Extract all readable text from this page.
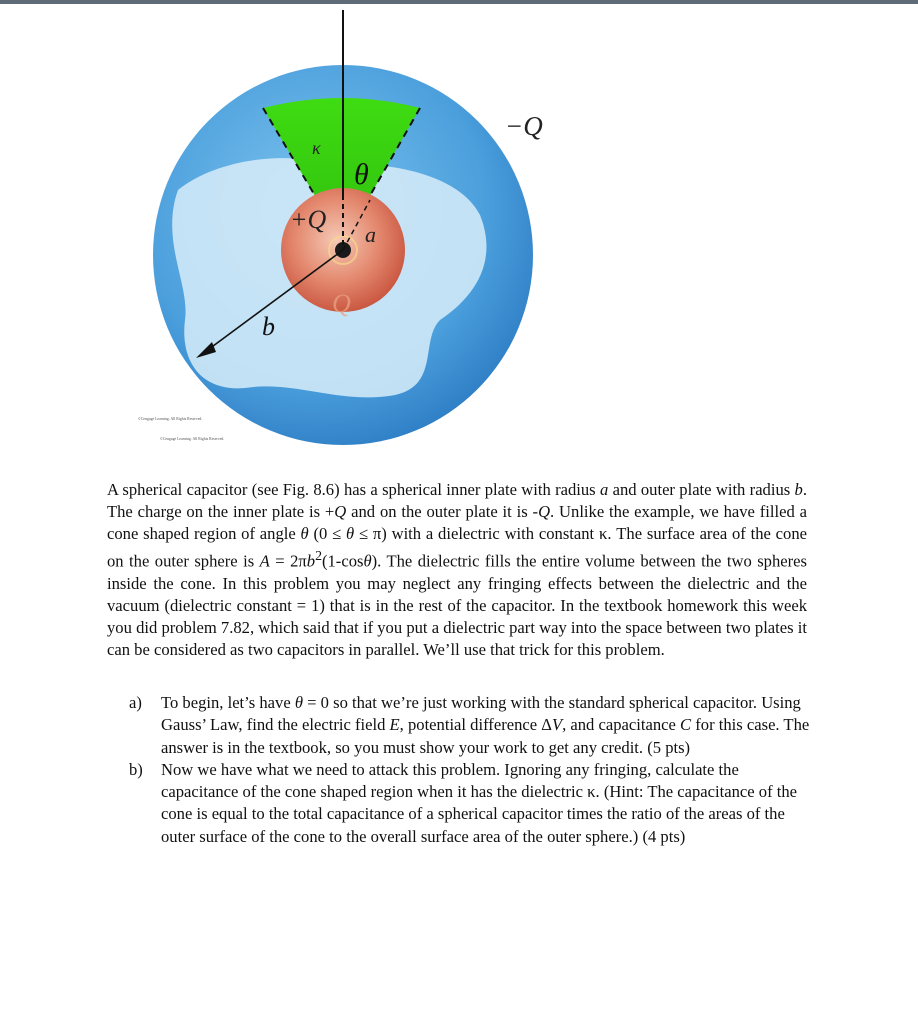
−Q
κ
θ
+Q
a
Q
b
©Cengage Learning. All Rights Reserved.
©Cengage Learning. All Rights Reserved.

A spherical capacitor (see Fig. 8.6) has a spherical inner plate with radius a and outer plate with radius b. The charge on the inner plate is +Q and on the outer plate it is -Q. Unlike the example, we have filled a cone shaped region of angle θ (0 ≤ θ ≤ π) with a dielectric with constant κ. The surface area of the cone on the outer sphere is $A = 2\pi b^2(1-\cos\theta)$. The dielectric fills the entire volume between the two spheres inside the cone. In this problem you may neglect any fringing effects between the dielectric and the vacuum (dielectric constant = 1) that is in the rest of the capacitor. In the textbook homework this week you did problem 7.82, which said that if you put a dielectric part way into the space between two plates it can be considered as two capacitors in parallel. We’ll use that trick for this problem.

a) To begin, let’s have θ = 0 so that we’re just working with the standard spherical capacitor. Using Gauss’ Law, find the electric field E, potential difference ΔV, and capacitance C for this case. The answer is in the textbook, so you must show your work to get any credit. (5 pts)
b) Now we have what we need to attack this problem. Ignoring any fringing, calculate the capacitance of the cone shaped region when it has the dielectric κ. (Hint: The capacitance of the cone is equal to the total capacitance of a spherical capacitor times the ratio of the areas of the outer surface of the cone to the overall surface area of the outer sphere.) (4 pts)
